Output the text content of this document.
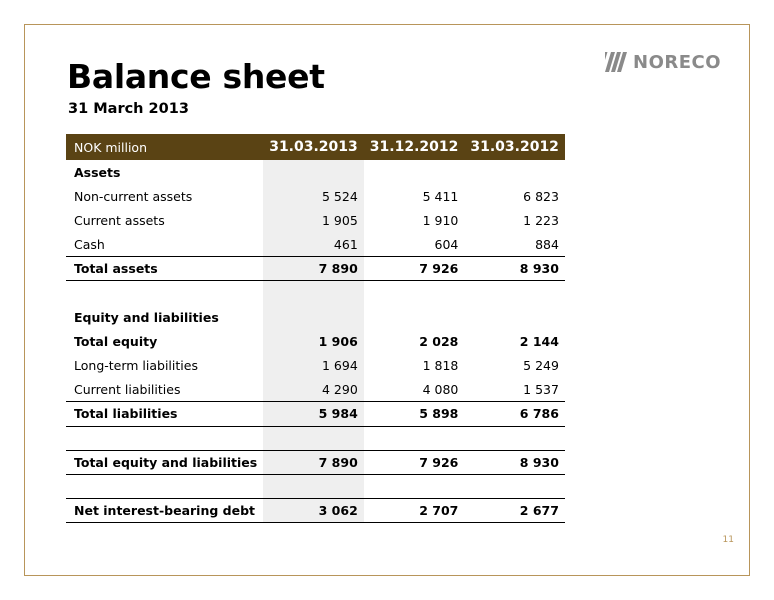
Balance sheet
31 March 2013
NORECO
11
NOK million	31.03.2013	31.12.2012	31.03.2012
Assets			
Non-current assets	5 524	5 411	6 823
Current assets	1 905	1 910	1 223
Cash	461	604	884
Total assets	7 890	7 926	8 930

Equity and liabilities			
Total equity	1 906	2 028	2 144
Long-term liabilities	1 694	1 818	5 249
Current liabilities	4 290	4 080	1 537
Total liabilities	5 984	5 898	6 786

Total equity and liabilities	7 890	7 926	8 930

Net interest-bearing debt	3 062	2 707	2 677
